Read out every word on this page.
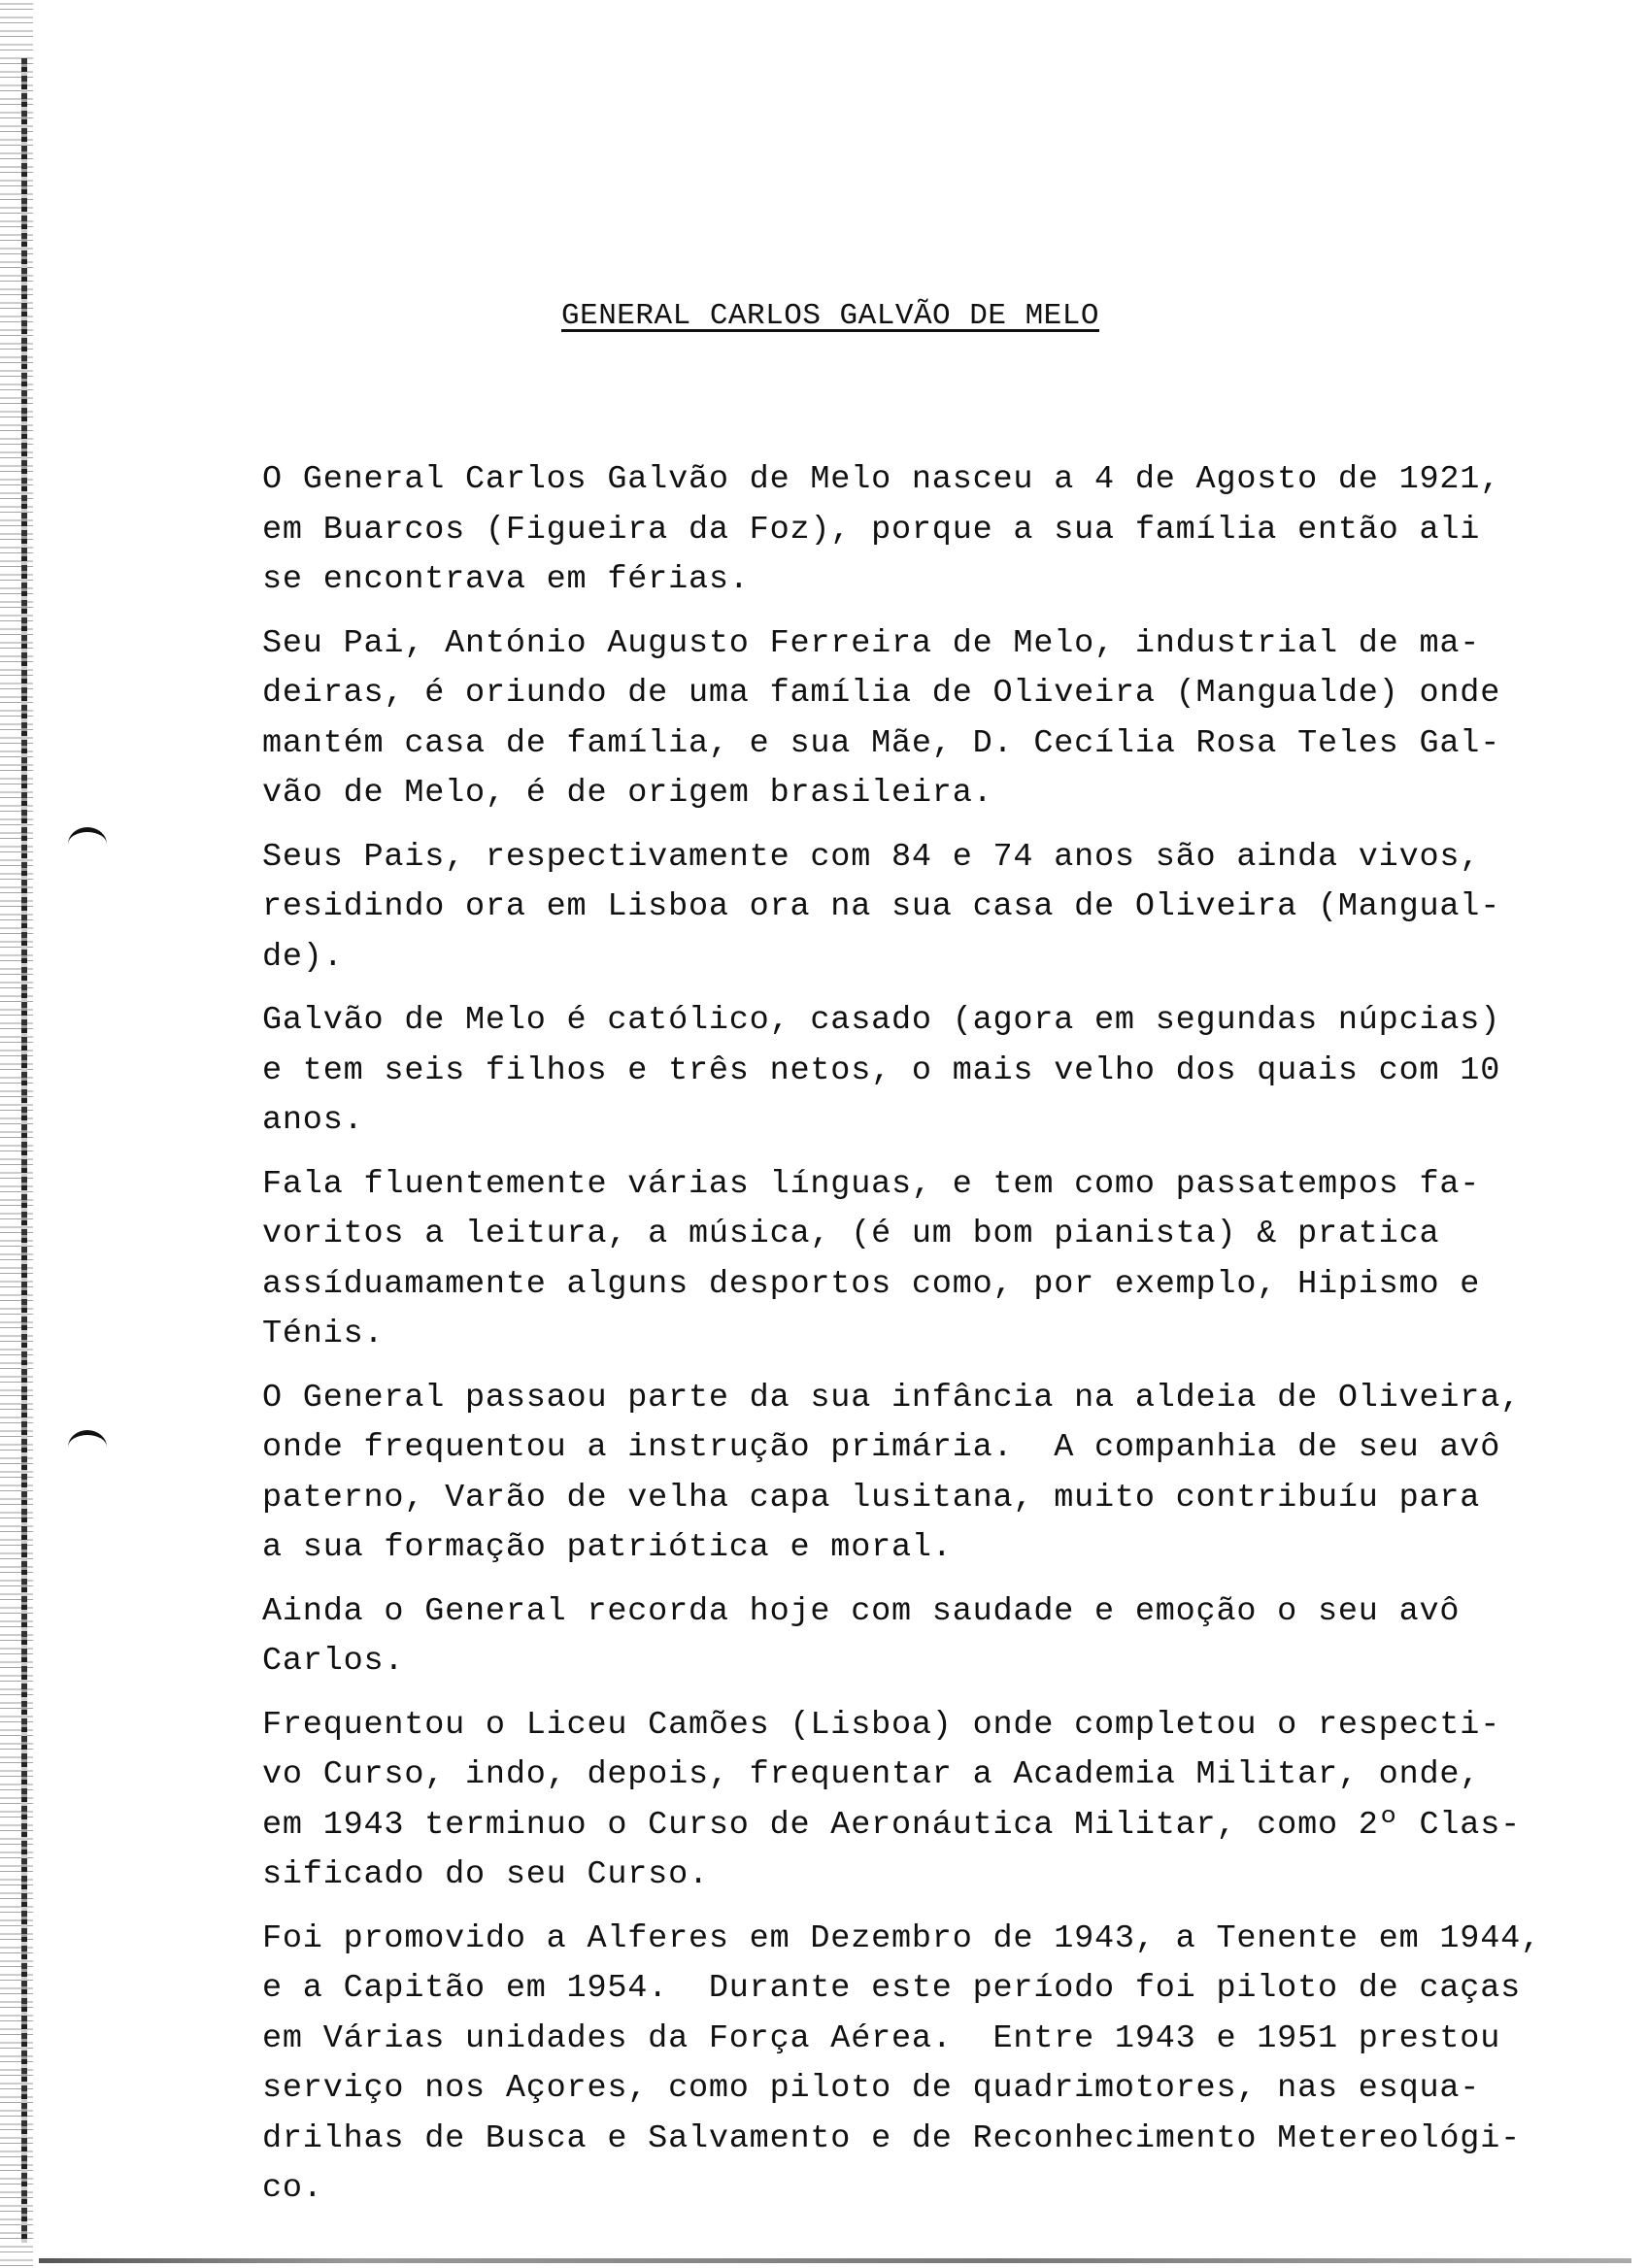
GENERAL CARLOS GALVÃO DE MELO
O General Carlos Galvão de Melo nasceu a 4 de Agosto de 1921,
em Buarcos (Figueira da Foz), porque a sua família então ali
se encontrava em férias.
Seu Pai, António Augusto Ferreira de Melo, industrial de ma-
deiras, é oriundo de uma família de Oliveira (Mangualde) onde
mantém casa de família, e sua Mãe, D. Cecília Rosa Teles Gal-
vão de Melo, é de origem brasileira.
Seus Pais, respectivamente com 84 e 74 anos são ainda vivos,
residindo ora em Lisboa ora na sua casa de Oliveira (Mangual-
de).
Galvão de Melo é católico, casado (agora em segundas núpcias)
e tem seis filhos e três netos, o mais velho dos quais com 10
anos.
Fala fluentemente várias línguas, e tem como passatempos fa-
voritos a leitura, a música, (é um bom pianista) & pratica
assíduamamente alguns desportos como, por exemplo, Hipismo e
Ténis.
O General passaou parte da sua infância na aldeia de Oliveira,
onde frequentou a instrução primária.  A companhia de seu avô
paterno, Varão de velha capa lusitana, muito contribuíu para
a sua formação patriótica e moral.
Ainda o General recorda hoje com saudade e emoção o seu avô
Carlos.
Frequentou o Liceu Camões (Lisboa) onde completou o respecti-
vo Curso, indo, depois, frequentar a Academia Militar, onde,
em 1943 terminuo o Curso de Aeronáutica Militar, como 2º Clas-
sificado do seu Curso.
Foi promovido a Alferes em Dezembro de 1943, a Tenente em 1944,
e a Capitão em 1954.  Durante este período foi piloto de caças
em Várias unidades da Força Aérea.  Entre 1943 e 1951 prestou
serviço nos Açores, como piloto de quadrimotores, nas esqua-
drilhas de Busca e Salvamento e de Reconhecimento Metereológi-
co.
